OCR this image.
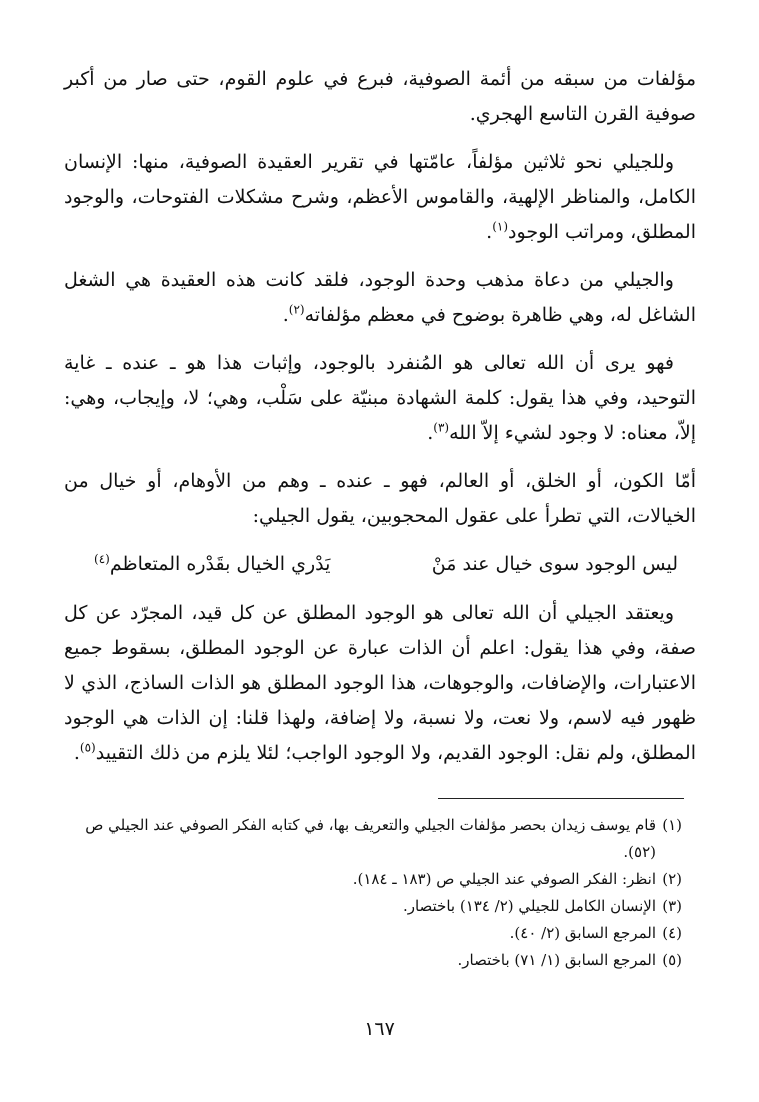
مؤلفات من سبقه من أئمة الصوفية، فبرع في علوم القوم، حتى صار من أكبر صوفية القرن التاسع الهجري.

وللجيلي نحو ثلاثين مؤلفاً، عامّتها في تقرير العقيدة الصوفية، منها: الإنسان الكامل، والمناظر الإلهية، والقاموس الأعظم، وشرح مشكلات الفتوحات، والوجود المطلق، ومراتب الوجود$^{(١)}$.

والجيلي من دعاة مذهب وحدة الوجود، فلقد كانت هذه العقيدة هي الشغل الشاغل له، وهي ظاهرة بوضوح في معظم مؤلفاته$^{(٢)}$.

فهو يرى أن الله تعالى هو المُنفرد بالوجود، وإثبات هذا هو ـ عنده ـ غاية التوحيد، وفي هذا يقول: كلمة الشهادة مبنيّة على سَلْب، وهي؛ لا، وإيجاب، وهي: إلاّ، معناه: لا وجود لشيء إلاّ الله$^{(٣)}$.

أمّا الكون، أو الخلق، أو العالم، فهو ـ عنده ـ وهم من الأوهام، أو خيال من الخيالات، التي تطرأ على عقول المحجوبين، يقول الجيلي:

ليس الوجود سوى خيال عند مَنْ
يَدْري الخيال بقَدْره المتعاظم(٤)

ويعتقد الجيلي أن الله تعالى هو الوجود المطلق عن كل قيد، المجرّد عن كل صفة، وفي هذا يقول: اعلم أن الذات عبارة عن الوجود المطلق، بسقوط جميع الاعتبارات، والإضافات، والوجوهات، هذا الوجود المطلق هو الذات الساذج، الذي لا ظهور فيه لاسم، ولا نعت، ولا نسبة، ولا إضافة، ولهذا قلنا: إن الذات هي الوجود المطلق، ولم نقل: الوجود القديم، ولا الوجود الواجب؛ لئلا يلزم من ذلك التقييد$^{(٥)}$.

(١)
قام يوسف زيدان بحصر مؤلفات الجيلي والتعريف بها، في كتابه الفكر الصوفي عند الجيلي ص (٥٢).

(٢)
انظر: الفكر الصوفي عند الجيلي ص (١٨٣ ـ ١٨٤).

(٣)
الإنسان الكامل للجيلي (٢/ ١٣٤) باختصار.

(٤)
المرجع السابق (٢/ ٤٠).

(٥)
المرجع السابق (١/ ٧١) باختصار.

١٦٧
